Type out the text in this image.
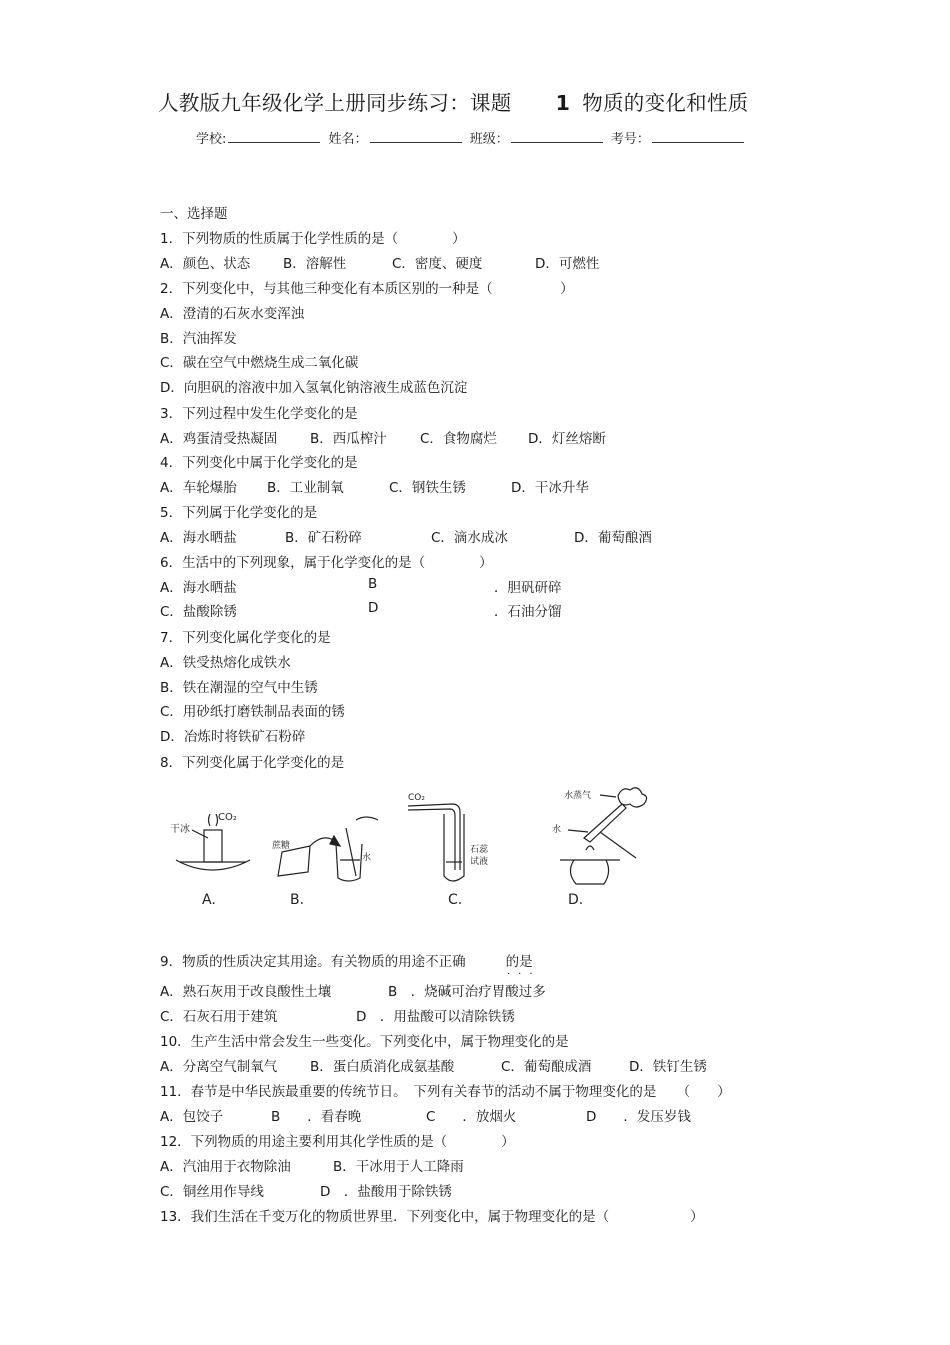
人教版九年级化学上册同步练习：课题 1 物质的变化和性质
学校:	姓名：	班级：	考号：
一、选择题
1．下列物质的性质属于化学性质的是（　　　　）
A．颜色、状态 B．溶解性	C．密度、硬度	D．可燃性
2．下列变化中，与其他三种变化有本质区别的一种是（　　　　　）
A．澄清的石灰水变浑浊
B．汽油挥发
C．碳在空气中燃烧生成二氧化碳
D．向胆矾的溶液中加入氢氧化钠溶液生成蓝色沉淀
3．下列过程中发生化学变化的是
A．鸡蛋清受热凝固 B．西瓜榨汁 C．食物腐烂 D．灯丝熔断
4．下列变化中属于化学变化的是
A．车轮爆胎 B．工业制氧	C．钢铁生锈	D．干冰升华
5．下列属于化学变化的是
A．海水晒盐	B．矿石粉碎	C．滴水成冰	D．葡萄酿酒
6．生活中的下列现象，属于化学变化的是（　　　　）
A．海水晒盐	B	．胆矾研碎
C．盐酸除锈	D	．石油分馏
7．下列变化属化学变化的是
A．铁受热熔化成铁水
B．铁在潮湿的空气中生锈
C．用砂纸打磨铁制品表面的锈
D．冶炼时将铁矿石粉碎
8．下列变化属于化学变化的是
干冰
CO₂
A.
蔗糖
水
B.
CO₂
石蕊
试液
C.
水蒸气
水
D.
9．物质的性质决定其用途。有关物质的用途不正确	的是
...
A．熟石灰用于改良酸性土壤	B　．烧碱可治疗胃酸过多
C．石灰石用于建筑	D　．用盐酸可以清除铁锈
10．生产生活中常会发生一些变化。下列变化中，属于物理变化的是
A．分离空气制氧气 B．蛋白质消化成氨基酸	C．葡萄酿成酒	D．铁钉生锈
11．春节是中华民族最重要的传统节日。　下列有关春节的活动不属于物理变化的是　　（　　）
A．包饺子	B　　．看春晚	C　　．放烟火	D　　．发压岁钱
12．下列物质的用途主要利用其化学性质的是（　　　　）
A．汽油用于衣物除油	B．干冰用于人工降雨
C．铜丝用作导线	D　．盐酸用于除铁锈
13．我们生活在千变万化的物质世界里．下列变化中，属于物理变化的是（　　　　　　）
